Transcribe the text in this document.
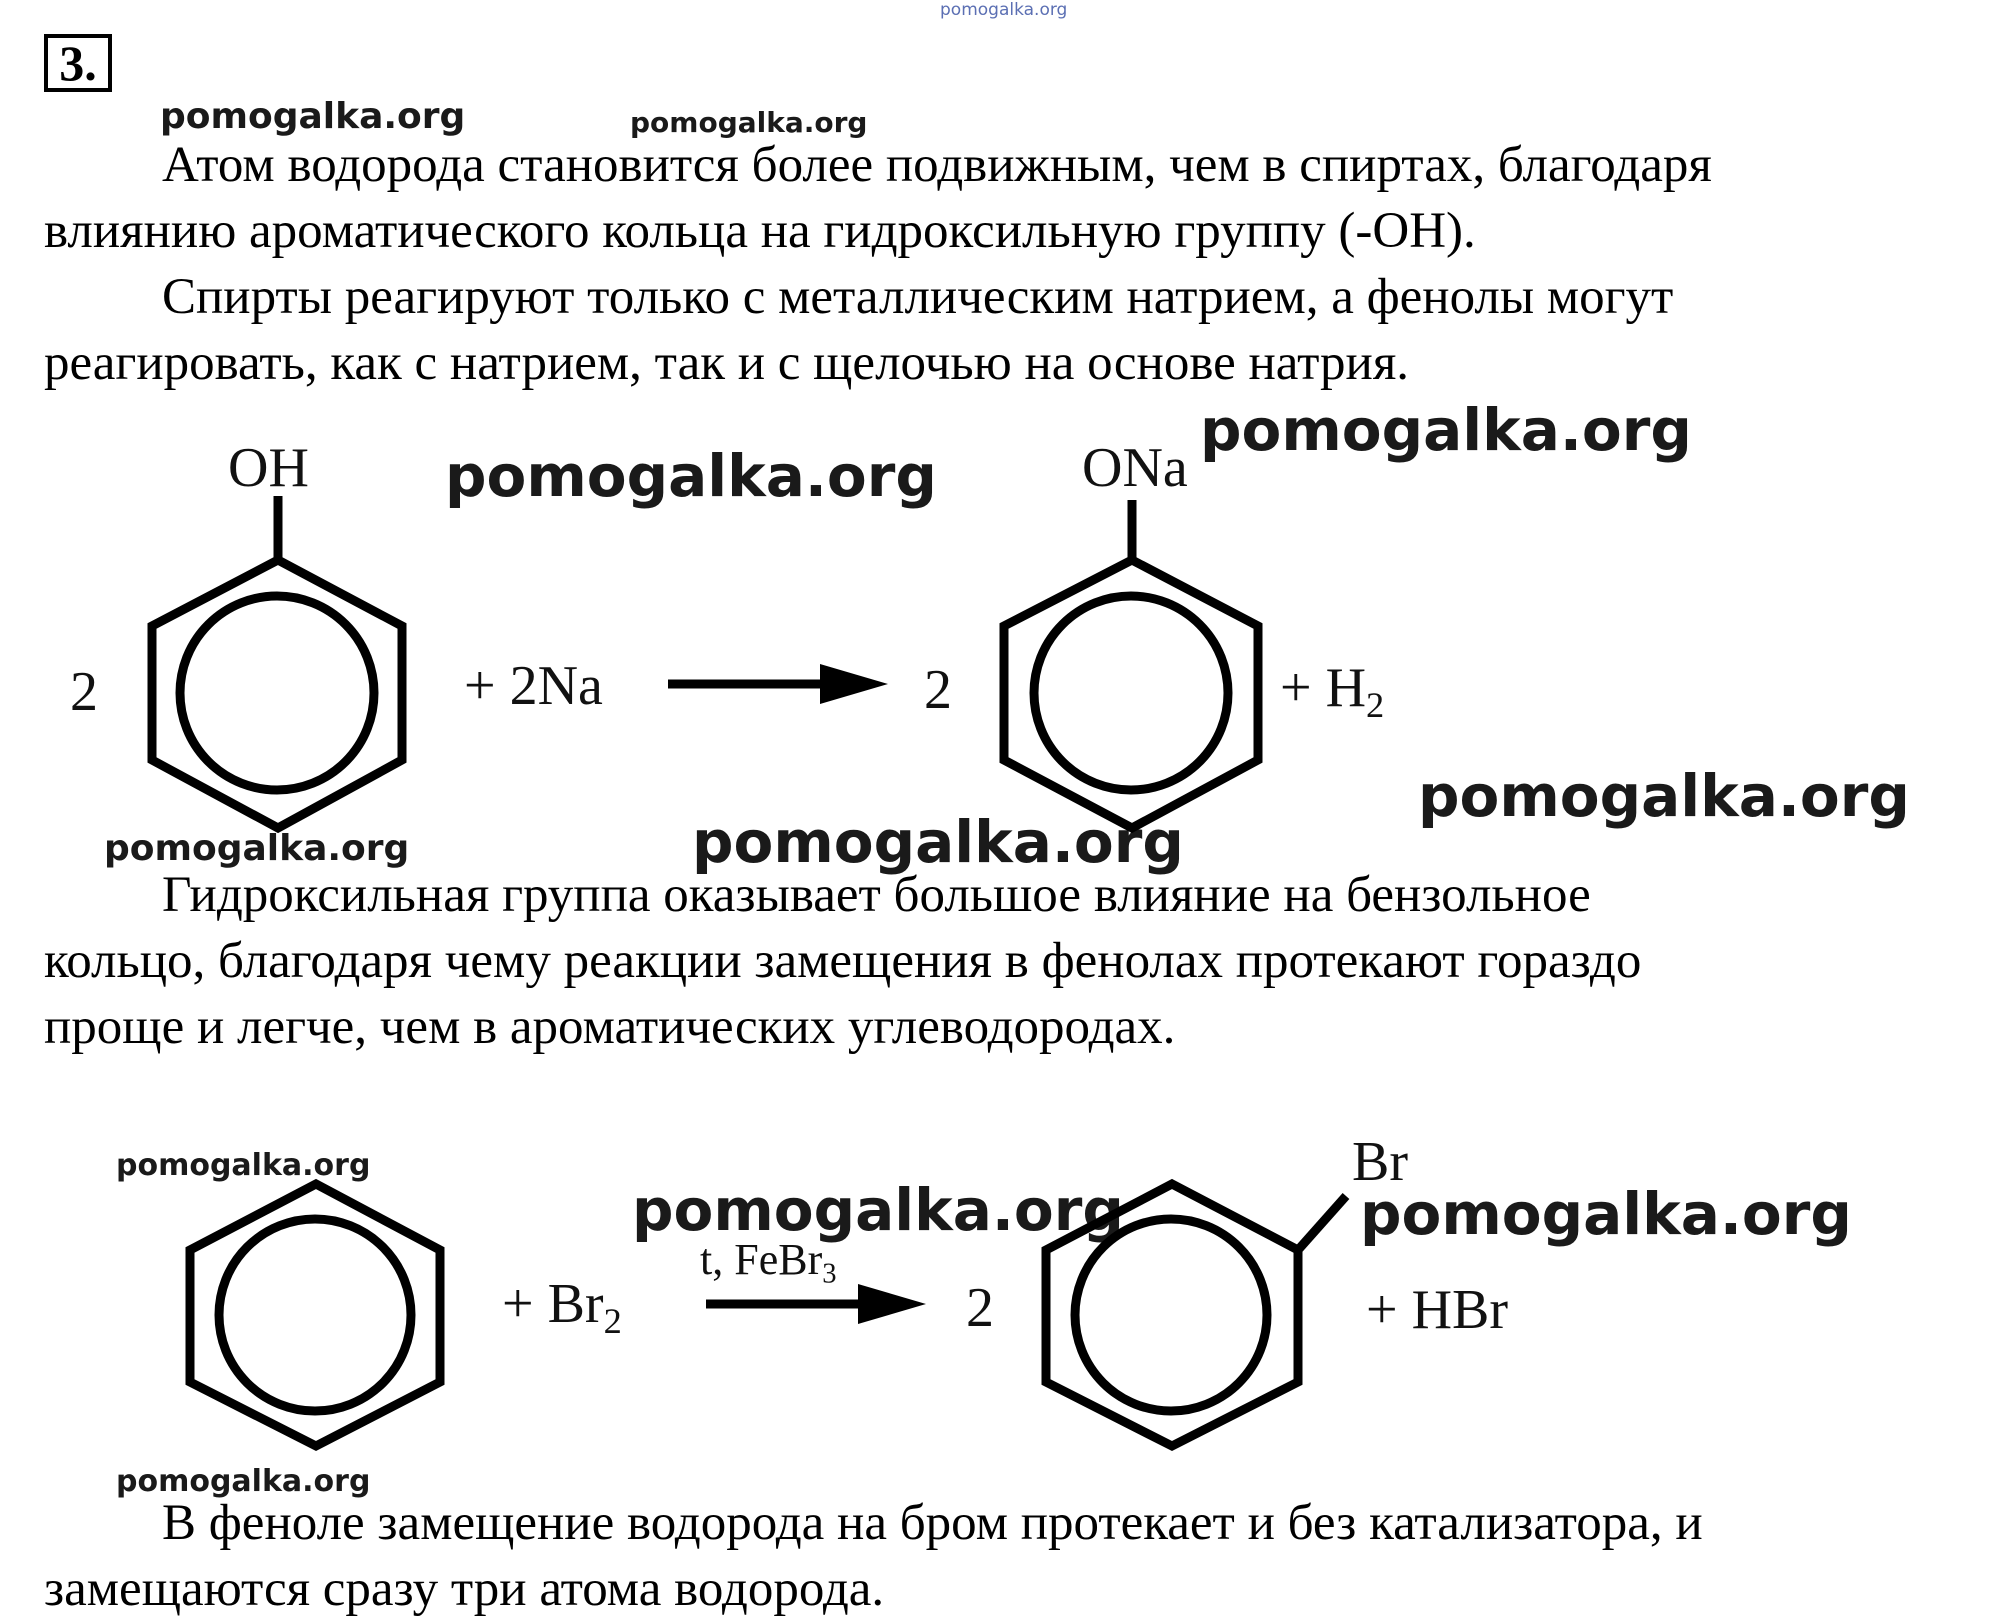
3.
pomogalka.org
pomogalka.org	pomogalka.org
pomogalka.org
pomogalka.org
pomogalka.org
pomogalka.org	pomogalka.org
pomogalka.org
pomogalka.org	pomogalka.org
pomogalka.org
Атом водорода становится более подвижным, чем в спиртах, благодаря
влиянию ароматического кольца на гидроксильную группу (-OH).
Спирты реагируют только с металлическим натрием, а фенолы могут
реагировать, как с натрием, так и с щелочью на основе натрия.
Гидроксильная группа оказывает большое влияние на бензольное
кольцо, благодаря чему реакции замещения в фенолах протекают гораздо
проще и легче, чем в ароматических углеводородах.
В феноле замещение водорода на бром протекает и без катализатора, и
замещаются сразу три атома водорода.
2
OH
+ 2Na	2
ONa
+ $H_2$
+ $Br_2$
t, FeBr$_3$
2
Br
+ HBr
